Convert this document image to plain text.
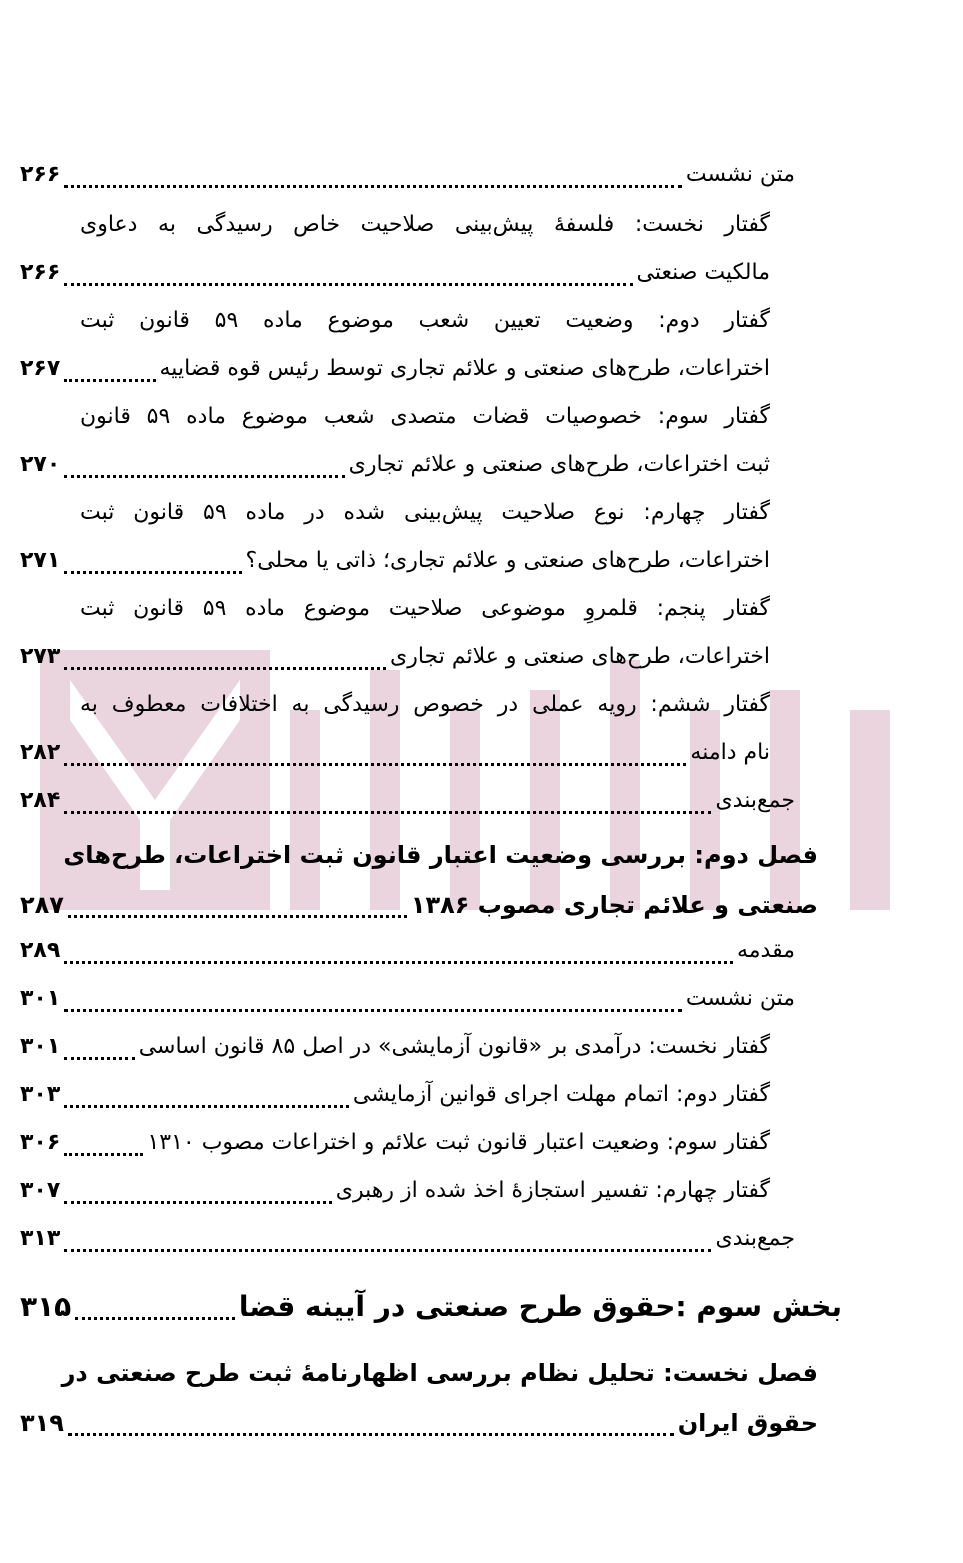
متن نشست
۲۶۶
گفتار نخست: فلسفۀ پیش‌بینی صلاحیت خاص رسیدگی به دعاوی
مالکیت صنعتی
۲۶۶
گفتار دوم: وضعیت تعیین شعب موضوع ماده ۵۹ قانون ثبت
اختراعات، طرح‌های صنعتی و علائم تجاری توسط رئیس قوه قضاییه
۲۶۷
گفتار سوم: خصوصیات قضات متصدی شعب موضوع ماده ۵۹ قانون
ثبت اختراعات، طرح‌های صنعتی و علائم تجاری
۲۷۰
گفتار چهارم: نوع صلاحیت پیش‌بینی شده در ماده ۵۹ قانون ثبت
اختراعات، طرح‌های صنعتی و علائم تجاری؛ ذاتی یا محلی؟
۲۷۱
گفتار پنجم: قلمروِ موضوعی صلاحیت موضوع ماده ۵۹ قانون ثبت
اختراعات، طرح‌های صنعتی و علائم تجاری
۲۷۳
گفتار ششم: رویه عملی در خصوص رسیدگی به اختلافات معطوف به
نام دامنه
۲۸۲
جمع‌بندی
۲۸۴
فصل دوم: بررسی وضعیت اعتبار قانون ثبت اختراعات، طرح‌های
صنعتی و علائم تجاری مصوب ۱۳۸۶
۲۸۷
مقدمه
۲۸۹
متن نشست
۳۰۱
گفتار نخست: درآمدی بر «قانون آزمایشی» در اصل ۸۵ قانون اساسی
۳۰۱
گفتار دوم: اتمام مهلت اجرای قوانین آزمایشی
۳۰۳
گفتار سوم: وضعیت اعتبار قانون ثبت علائم و اختراعات مصوب ۱۳۱۰
۳۰۶
گفتار چهارم: تفسیر استجازۀ اخذ شده از رهبری
۳۰۷
جمع‌بندی
۳۱۳
بخش سوم :حقوق طرح صنعتی در آیینه قضا
۳۱۵
فصل نخست: تحلیل نظام بررسی اظهارنامۀ ثبت طرح صنعتی در
حقوق ایران
۳۱۹
